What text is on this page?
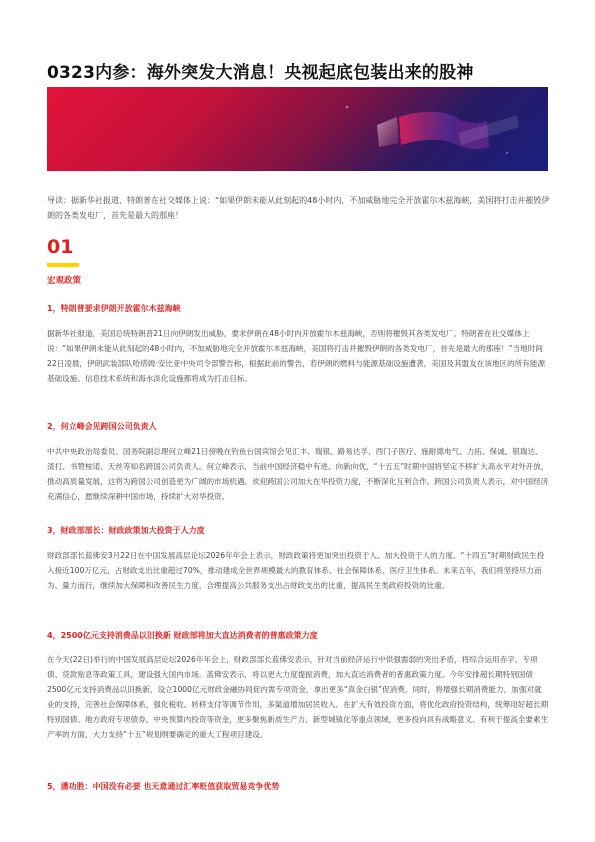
0323内参：海外突发大消息！央视起底包装出来的股神
导读：据新华社报道，特朗普在社交媒体上说：“如果伊朗未能从此刻起的48小时内，不加威胁地完全开放霍尔木兹海峡，美国将打击并摧毁伊朗的各类发电厂，首先是最大的那座！
01
宏观政策
1，特朗普要求伊朗开放霍尔木兹海峡
据新华社报道，美国总统特朗普21日向伊朗发出威胁，要求伊朗在48小时内开放霍尔木兹海峡，否则将摧毁其各类发电厂。特朗普在社交媒体上说：“如果伊朗未能从此刻起的48小时内，不加威胁地完全开放霍尔木兹海峡，美国将打击并摧毁伊朗的各类发电厂，首先是最大的那座！”当地时间22日凌晨，伊朗武装部队哈塔姆·安比亚中央司令部警告称，根据此前的警告，若伊朗的燃料与能源基础设施遭袭，美国及其盟友在该地区的所有能源基础设施、信息技术系统和海水淡化设施都将成为打击目标。
2，何立峰会见跨国公司负责人
中共中央政治局委员、国务院副总理何立峰21日傍晚在钓鱼台国宾馆会见汇丰、瑞银、路易达孚、西门子医疗、施耐德电气、力拓、保诚、银瑞达、渣打、书赞桉诺、天丝等知名跨国公司负责人。何立峰表示，当前中国经济稳中有进、向新向优，“十五五”时期中国将坚定不移扩大高水平对外开放，推动高质量发展，这将为跨国公司创造更为广阔的市场机遇。欢迎跨国公司加大在华投资力度，不断深化互利合作。跨国公司负责人表示，对中国经济充满信心，愿继续深耕中国市场，持续扩大对华投资。
3，财政部部长：财政政策加大投资于人力度
财政部部长蓝佛安3月22日在中国发展高层论坛2026年年会上表示，财政政策将更加突出投资于人。加大投资于人的力度。“十四五”时期财政民生投入接近100万亿元，占财政支出比重超过70%，推动建成全世界规模最大的教育体系、社会保障体系、医疗卫生体系。未来五年，我们将坚持尽力而为、量力而行，继续加大保障和改善民生力度，合理提高公共服务支出占财政支出的比重，提高民生类政府投资的比重。
4，2500亿元支持消费品以旧换新 财政部将加大直达消费者的普惠政策力度
在今天(22日)举行的中国发展高层论坛2026年年会上，财政部部长蓝佛安表示，针对当前经济运行中供强需弱的突出矛盾，将综合运用赤字、专项债、贷款贴息等政策工具，建设强大国内市场。蓝佛安表示，将以更大力度提振消费，加大直达消费者的普惠政策力度。今年安排超长期特别国债2500亿元支持消费品以旧换新，设立1000亿元财政金融协同促内需专项资金，拿出更多“真金白银”促消费。同时，将增强长期消费能力，加强对就业的支持，完善社会保障体系，强化税收、转移支付等调节作用，多渠道增加居民收入。在扩大有效投资方面，将优化政府投资结构，统筹用好超长期特别国债、地方政府专项债券、中央预算内投资等资金，更多聚焦新质生产力、新型城镇化等重点领域，更多投向具有战略意义、有利于提高全要素生产率的方面，大力支持“十五”规划纲要确定的重大工程项目建设。
5，潘功胜：中国没有必要 也无意通过汇率贬值获取贸易竞争优势
